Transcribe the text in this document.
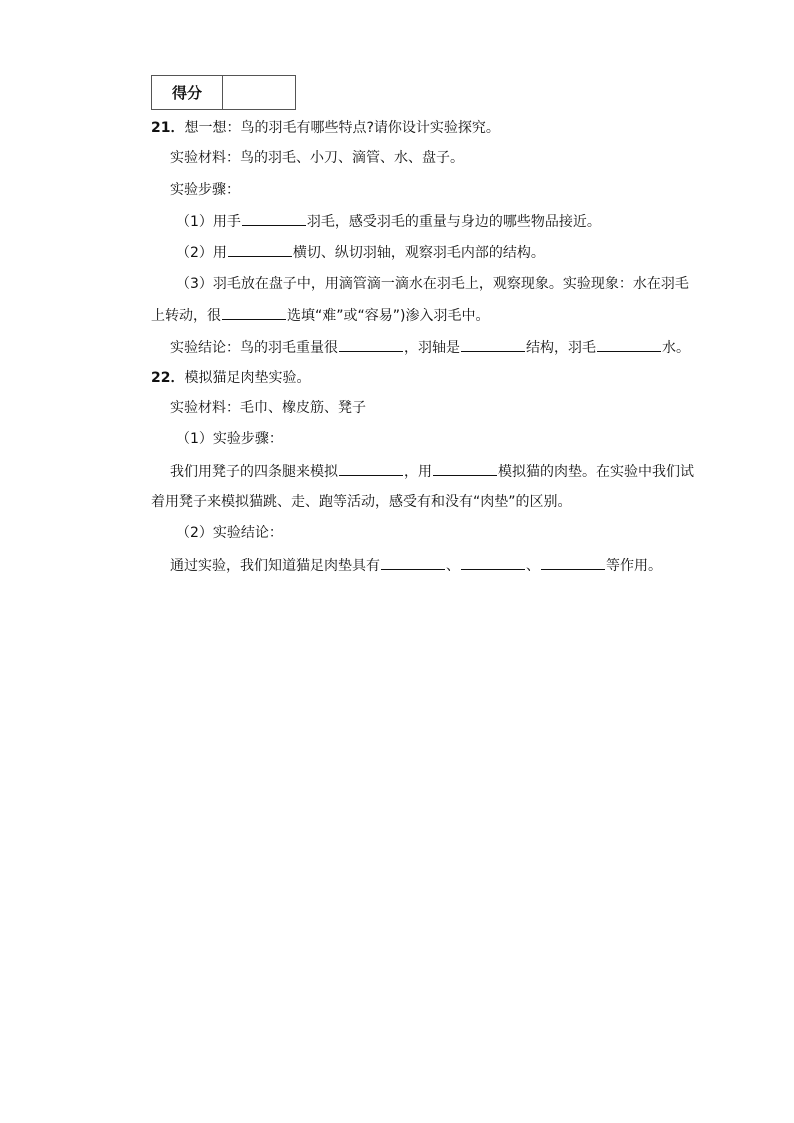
得分
21．想一想：鸟的羽毛有哪些特点?请你设计实验探究。
实验材料：鸟的羽毛、小刀、滴管、水、盘子。
实验步骤：
（1）用手	羽毛，感受羽毛的重量与身边的哪些物品接近。
（2）用	横切、纵切羽轴，观察羽毛内部的结构。
（3）羽毛放在盘子中，用滴管滴一滴水在羽毛上，观察现象。实验现象：水在羽毛
上转动，很	选填“难”或“容易”)渗入羽毛中。
实验结论：鸟的羽毛重量很	，羽轴是	结构，羽毛	水。
22．模拟猫足肉垫实验。
实验材料：毛巾、橡皮筋、凳子
（1）实验步骤：
我们用凳子的四条腿来模拟	，用	模拟猫的肉垫。在实验中我们试
着用凳子来模拟猫跳、走、跑等活动，感受有和没有“肉垫”的区别。
（2）实验结论：
通过实验，我们知道猫足肉垫具有	、	、	等作用。
